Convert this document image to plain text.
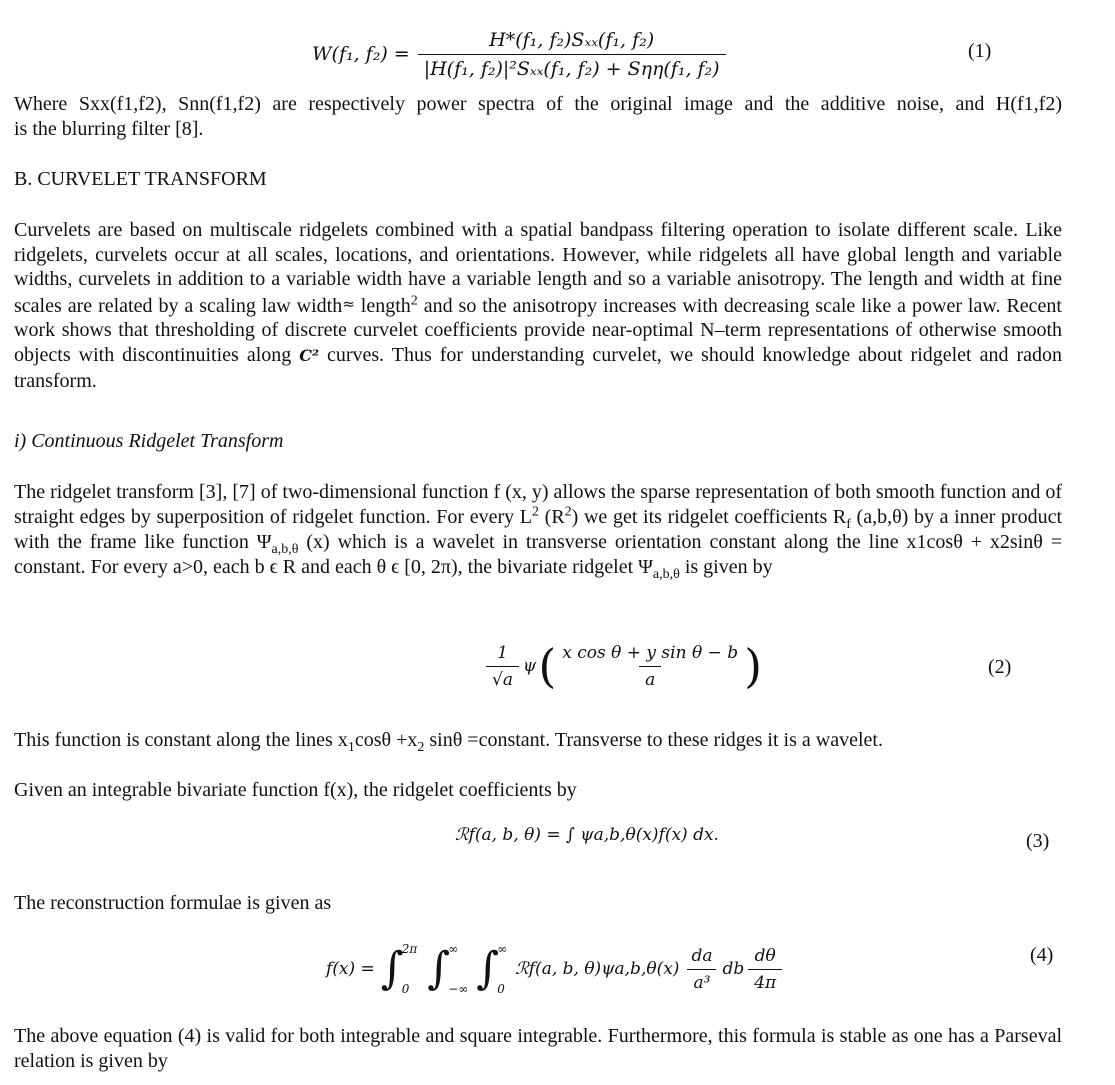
W(f₁, $f_2) = \frac{\text{H*(f₁, f₂)Sₓₓ(f₁, f₂)}}{\text{|H(f₁, f₂)|²Sₓₓ(f₁, f₂) + Sηη(f₁, f₂)}}$	(1)
Where Sxx(f1,f2), Snn(f1,f2) are respectively power spectra of the original image and the additive noise, and H(f1,f2)
is the blurring filter [8].
B. CURVELET TRANSFORM

Curvelets are based on multiscale ridgelets combined with a spatial bandpass filtering operation to isolate different scale. Like ridgelets, curvelets occur at all scales, locations, and orientations. However, while ridgelets all have global length and variable widths, curvelets in addition to a variable width have a variable length and so a variable anisotropy. The length and width at fine scales are related by a scaling law width≈ length$^2$ and so the anisotropy increases with decreasing scale like a power law. Recent work shows that thresholding of discrete curvelet coefficients provide near-optimal N–term representations of otherwise smooth objects with discontinuities along C² curves. Thus for understanding curvelet, we should knowledge about ridgelet and radon transform.

i) Continuous Ridgelet Transform

The ridgelet transform [3], [7] of two-dimensional function f (x, y) allows the sparse representation of both smooth function and of straight edges by superposition of ridgelet function. For every $L^2$ $(R^2)$ we get its ridgelet coefficients $R_f$ (a,b,θ) by a inner product with the frame like function $\Psi_{a,b,\theta}$ (x) which is a wavelet in transverse orientation constant along the line x1cosθ + x2sinθ = constant. For every a>0, each b ϵ R and each θ ϵ [0, 2π), the bivariate ridgelet $\Psi_{a,b,\theta}$ is given by

$\frac{1}{√a}$ ψ ( $\frac{\text{x cos θ + y sin θ − b}}{a}$ )	(2)
This function is constant along the lines $x_1\cos\theta +x_2$ sinθ =constant. Transverse to these ridges it is a wavelet.
Given an integrable bivariate function f(x), the ridgelet coefficients by
ℛf(a, b, θ) = ∫ ψa,b,θ(x)f(x) dx.	(3)
The reconstruction formulae is given as
f(x) = ∫
2π
0 ∫
∞
−∞ ∫
∞
0
ℛf(a, b, $\theta)\psi a,b,\theta(x) \frac{da}{\text{a³}}$ db $\frac{d\theta}{4\pi}$	(4)

The above equation (4) is valid for both integrable and square integrable. Furthermore, this formula is stable as one has a Parseval relation is given by
